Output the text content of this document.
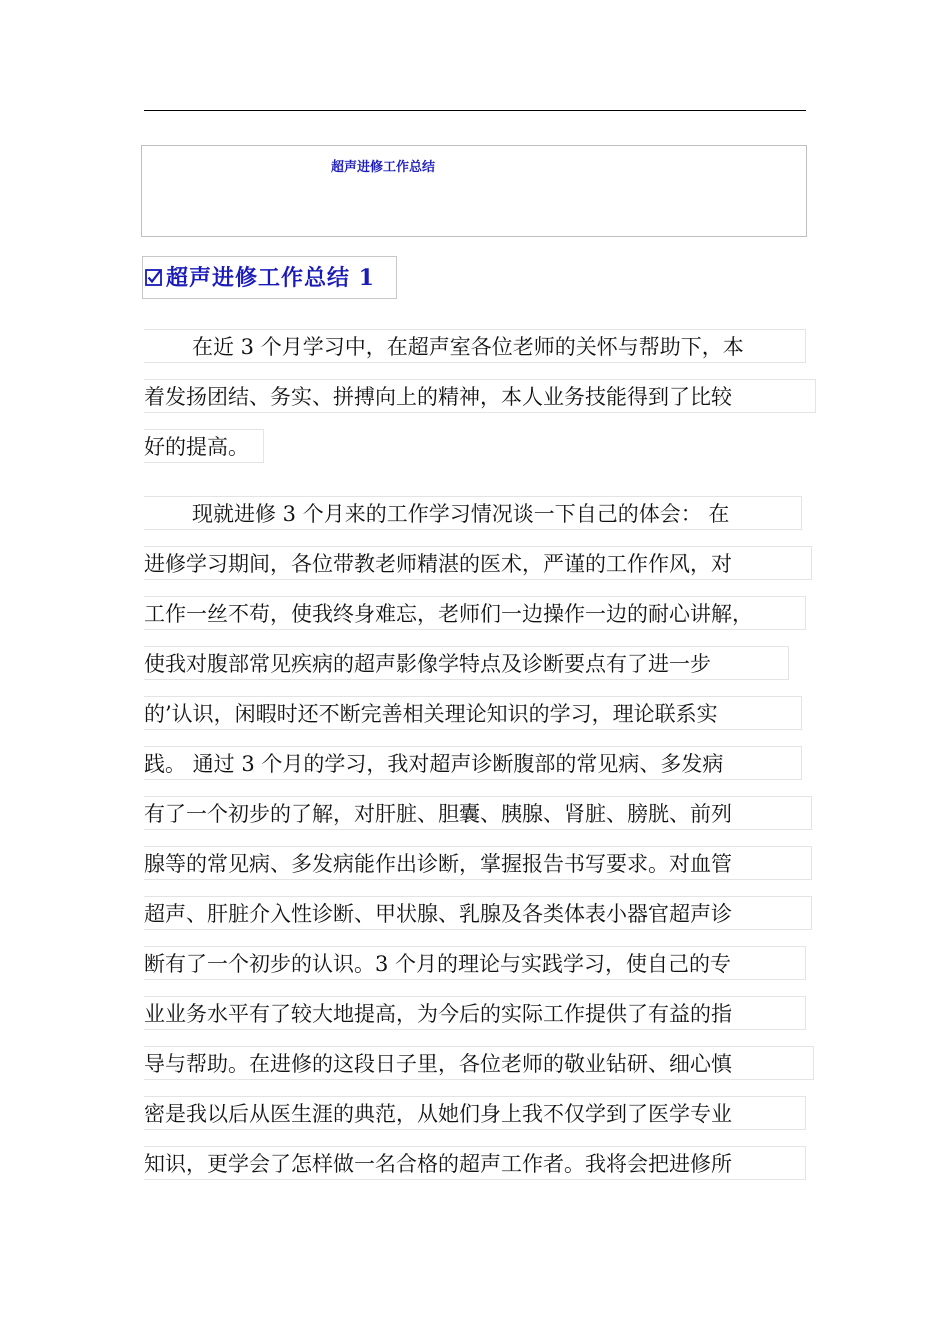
超声进修工作总结
超声进修工作总结 1
在近 3 个月学习中，在超声室各位老师的关怀与帮助下，本
着发扬团结、务实、拼搏向上的精神，本人业务技能得到了比较
好的提高。
现就进修 3 个月来的工作学习情况谈一下自己的体会： 在
进修学习期间，各位带教老师精湛的医术，严谨的工作作风，对
工作一丝不苟，使我终身难忘，老师们一边操作一边的耐心讲解，
使我对腹部常见疾病的超声影像学特点及诊断要点有了进一步
的’认识，闲暇时还不断完善相关理论知识的学习，理论联系实
践。 通过 3 个月的学习，我对超声诊断腹部的常见病、多发病
有了一个初步的了解，对肝脏、胆囊、胰腺、肾脏、膀胱、前列
腺等的常见病、多发病能作出诊断，掌握报告书写要求。对血管
超声、肝脏介入性诊断、甲状腺、乳腺及各类体表小器官超声诊
断有了一个初步的认识。3 个月的理论与实践学习，使自己的专
业业务水平有了较大地提高，为今后的实际工作提供了有益的指
导与帮助。在进修的这段日子里，各位老师的敬业钻研、细心慎
密是我以后从医生涯的典范，从她们身上我不仅学到了医学专业
知识，更学会了怎样做一名合格的超声工作者。我将会把进修所
